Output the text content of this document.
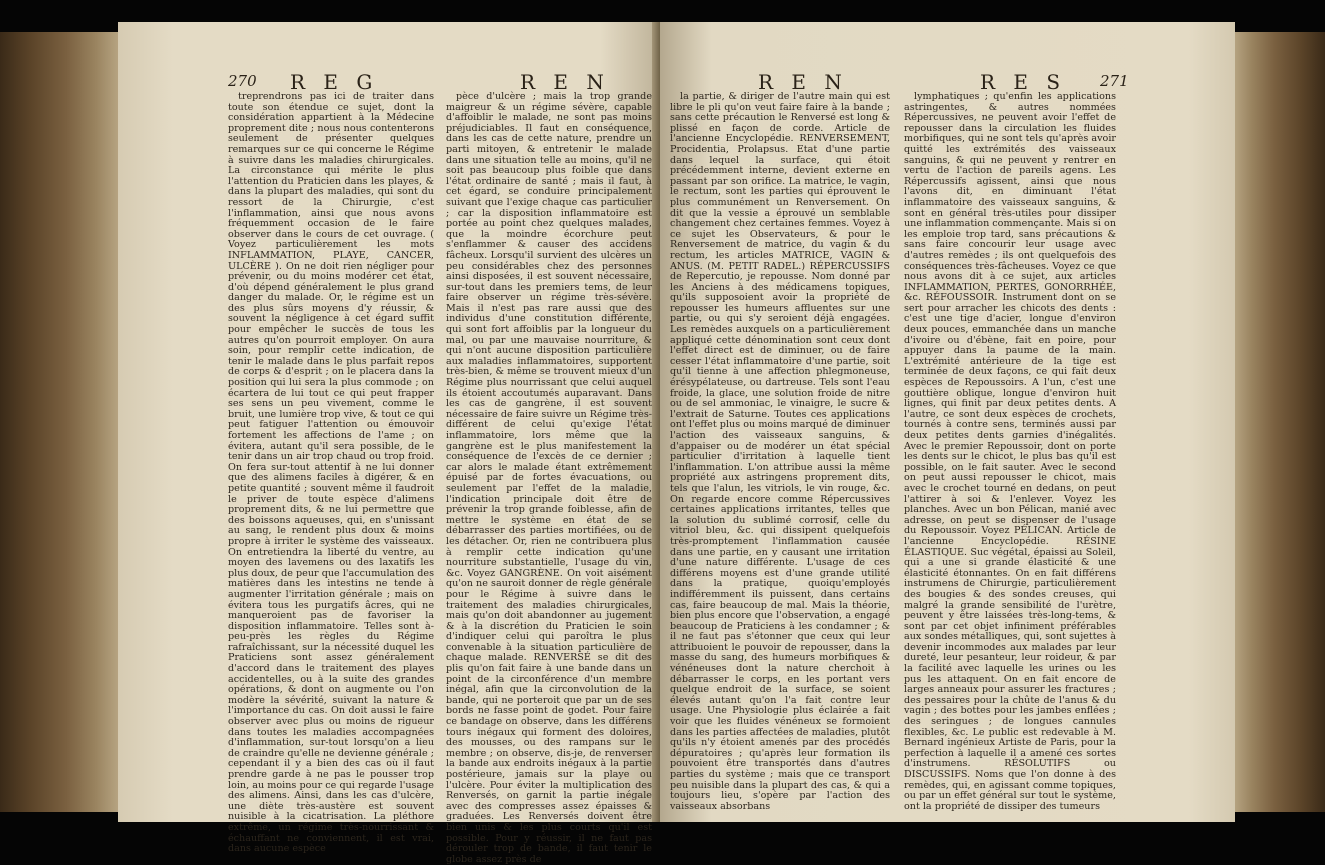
270 R E G	R E N

treprendrons pas ici de traiter dans toute son étendue ce sujet, dont la considération appartient à la Médecine proprement dite ; nous nous contenterons seulement de présenter quelques remarques sur ce qui concerne le Régime à suivre dans les maladies chirurgicales. La circonstance qui mérite le plus l'attention du Praticien dans les playes, & dans la plupart des maladies, qui sont du ressort de la Chirurgie, c'est l'inflammation, ainsi que nous avons fréquemment occasion de le faire observer dans le cours de cet ouvrage. ( Voyez particulièrement les mots INFLAMMATION, PLAYE, CANCER, ULCÈRE ). On ne doit rien négliger pour prévenir, ou du moins modérer cet état, d'où dépend généralement le plus grand danger du malade. Or, le régime est un des plus sûrs moyens d'y réussir, & souvent la négligence à cet égard suffit pour empêcher le succès de tous les autres qu'on pourroit employer. On aura soin, pour remplir cette indication, de tenir le malade dans le plus parfait repos de corps & d'esprit ; on le placera dans la position qui lui sera la plus commode ; on écartera de lui tout ce qui peut frapper ses sens un peu vivement, comme le bruit, une lumière trop vive, & tout ce qui peut fatiguer l'attention ou émouvoir fortement les affections de l'ame ; on évitera, autant qu'il sera possible, de le tenir dans un air trop chaud ou trop froid. On fera sur-tout attentif à ne lui donner que des alimens faciles à digérer, & en petite quantité ; souvent même il faudroit le priver de toute espèce d'alimens proprement dits, & ne lui permettre que des boissons aqueuses, qui, en s'unissant au sang, le rendent plus doux & moins propre à irriter le système des vaisseaux. On entretiendra la liberté du ventre, au moyen des lavemens ou des laxatifs les plus doux, de peur que l'accumulation des matières dans les intestins ne tende à augmenter l'irritation générale ; mais on évitera tous les purgatifs âcres, qui ne manqueroient pas de favoriser la disposition inflammatoire. Telles sont à-peu-près les règles du Régime rafraîchissant, sur la nécessité duquel les Praticiens sont assez généralement d'accord dans le traitement des playes accidentelles, ou à la suite des grandes opérations, & dont on augmente ou l'on modère la sévérité, suivant la nature & l'importance du cas. On doit aussi le faire observer avec plus ou moins de rigueur dans toutes les maladies accompagnées d'inflammation, sur-tout lorsqu'on a lieu de craindre qu'elle ne devienne générale ; cependant il y a bien des cas où il faut prendre garde à ne pas le pousser trop loin, au moins pour ce qui regarde l'usage des alimens. Ainsi, dans les cas d'ulcère, une diète très-austère est souvent nuisible à la cicatrisation. La pléthore extrême, un régime très-nourrissant & échauffant ne conviennent, il est vrai, dans aucune espèce

pèce d'ulcère ; mais la trop grande maigreur & un régime sévère, capable d'affoiblir le malade, ne sont pas moins préjudiciables. Il faut en conséquence, dans les cas de cette nature, prendre un parti mitoyen, & entretenir le malade dans une situation telle au moins, qu'il ne soit pas beaucoup plus foible que dans l'état ordinaire de santé ; mais il faut, à cet égard, se conduire principalement suivant que l'exige chaque cas particulier ; car la disposition inflammatoire est portée au point chez quelques malades, que la moindre écorchure peut s'enflammer & causer des accidens fâcheux. Lorsqu'il survient des ulcères un peu considérables chez des personnes ainsi disposées, il est souvent nécessaire, sur-tout dans les premiers tems, de leur faire observer un régime très-sévère. Mais il n'est pas rare aussi que des individus d'une constitution différente, qui sont fort affoiblis par la longueur du mal, ou par une mauvaise nourriture, & qui n'ont aucune disposition particulière aux maladies inflammatoires, supportent très-bien, & même se trouvent mieux d'un Régime plus nourrissant que celui auquel ils étoient accoutumés auparavant. Dans les cas de gangrène, il est souvent nécessaire de faire suivre un Régime très-différent de celui qu'exige l'état inflammatoire, lors même que la gangrène est le plus manifestement la conséquence de l'excès de ce dernier ; car alors le malade étant extrêmement épuisé par de fortes évacuations, ou seulement par l'effet de la maladie, l'indication principale doit être de prévenir la trop grande foiblesse, afin de mettre le système en état de se débarrasser des parties mortifiées, ou de les détacher. Or, rien ne contribuera plus à remplir cette indication qu'une nourriture substantielle, l'usage du vin, &c. Voyez GANGRÈNE. On voit aisément qu'on ne sauroit donner de règle générale pour le Régime à suivre dans le traitement des maladies chirurgicales, mais qu'on doit abandonner au jugement & à la discrétion du Praticien le soin d'indiquer celui qui paroîtra le plus convenable à la situation particulière de chaque malade. RENVERSÉ se dit des plis qu'on fait faire à une bande dans un point de la circonférence d'un membre inégal, afin que la circonvolution de la bande, qui ne porteroit que par un de ses bords ne fasse point de godet. Pour faire ce bandage on observe, dans les différens tours inégaux qui forment des doloires, des mousses, ou des rampans sur le membre ; on observe, dis-je, de renverser la bande aux endroits inégaux à la partie postérieure, jamais sur la playe ou l'ulcère. Pour éviter la multiplication des Renversés, on garnit la partie inégale avec des compresses assez épaisses & graduées. Les Renversés doivent être bien unis & les plus courts qu'il est possible. Pour y réussir, il ne faut pas dérouler trop de bande, il faut tenir le globe assez près de

R E N	R E S 271

la partie, & diriger de l'autre main qui est libre le pli qu'on veut faire faire à la bande ; sans cette précaution le Renversé est long & plissé en façon de corde. Article de l'ancienne Encyclopédie. RENVERSEMENT, Procidentia, Prolapsus. Etat d'une partie dans lequel la surface, qui étoit précédemment interne, devient externe en passant par son orifice. La matrice, le vagin, le rectum, sont les parties qui éprouvent le plus communément un Renversement. On dit que la vessie a éprouvé un semblable changement chez certaines femmes. Voyez à ce sujet les Observateurs, & pour le Renversement de matrice, du vagin & du rectum, les articles MATRICE, VAGIN & ANUS. (M. PETIT RADEL.) RÉPERCUSSIFS de Repercutio, je repousse. Nom donné par les Anciens à des médicamens topiques, qu'ils supposoient avoir la propriété de repousser les humeurs affluentes sur une partie, ou qui s'y seroient déjà engagées. Les remèdes auxquels on a particulièrement appliqué cette dénomination sont ceux dont l'effet direct est de diminuer, ou de faire cesser l'état inflammatoire d'une partie, soit qu'il tienne à une affection phlegmoneuse, érésypélateuse, ou dartreuse. Tels sont l'eau froide, la glace, une solution froide de nitre ou de sel ammoniac, le vinaigre, le sucre & l'extrait de Saturne. Toutes ces applications ont l'effet plus ou moins marqué de diminuer l'action des vaisseaux sanguins, & d'appaiser ou de modérer un état spécial particulier d'irritation à laquelle tient l'inflammation. L'on attribue aussi la même propriété aux astringens proprement dits, tels que l'alun, les vitriols, le vin rouge, &c. On regarde encore comme Répercussives certaines applications irritantes, telles que la solution du sublimé corrosif, celle du vitriol bleu, &c. qui dissipent quelquefois très-promptement l'inflammation causée dans une partie, en y causant une irritation d'une nature différente. L'usage de ces différens moyens est d'une grande utilité dans la pratique, quoiqu'employés indifféremment ils puissent, dans certains cas, faire beaucoup de mal. Mais la théorie, bien plus encore que l'observation, a engagé beaucoup de Praticiens à les condamner ; & il ne faut pas s'étonner que ceux qui leur attribuoient le pouvoir de repousser, dans la masse du sang, des humeurs morbifiques & vénéneuses dont la nature cherchoit à débarrasser le corps, en les portant vers quelque endroit de la surface, se soient élevés autant qu'on l'a fait contre leur usage. Une Physiologie plus éclairée a fait voir que les fluides vénéneux se formoient dans les parties affectées de maladies, plutôt qu'ils n'y étoient amenés par des procédés dépuratoires ; qu'après leur formation ils pouvoient être transportés dans d'autres parties du système ; mais que ce transport peu nuisible dans la plupart des cas, & qui a toujours lieu, s'opère par l'action des vaisseaux absorbans

lymphatiques ; qu'enfin les applications astringentes, & autres nommées Répercussives, ne peuvent avoir l'effet de repousser dans la circulation les fluides morbifiques, qui ne sont tels qu'après avoir quitté les extrémités des vaisseaux sanguins, & qui ne peuvent y rentrer en vertu de l'action de pareils agens. Les Répercussifs agissent, ainsi que nous l'avons dit, en diminuant l'état inflammatoire des vaisseaux sanguins, & sont en général très-utiles pour dissiper une inflammation commençante. Mais si on les emploie trop tard, sans précautions & sans faire concourir leur usage avec d'autres remèdes ; ils ont quelquefois des conséquences très-fâcheuses. Voyez ce que nous avons dit à ce sujet, aux articles INFLAMMATION, PERTES, GONORRHÉE, &c. RÉFOUSSOIR. Instrument dont on se sert pour arracher les chicots des dents : c'est une tige d'acier, longue d'environ deux pouces, emmanchée dans un manche d'ivoire ou d'ébène, fait en poire, pour appuyer dans la paume de la main. L'extrémité antérieure de la tige est terminée de deux façons, ce qui fait deux espèces de Repoussoirs. A l'un, c'est une gouttière oblique, longue d'environ huit lignes, qui finit par deux petites dents. A l'autre, ce sont deux espèces de crochets, tournés à contre sens, terminés aussi par deux petites dents garnies d'inégalités. Avec le premier Repoussoir, dont on porte les dents sur le chicot, le plus bas qu'il est possible, on le fait sauter. Avec le second on peut aussi repousser le chicot, mais avec le crochet tourné en dedans, on peut l'attirer à soi & l'enlever. Voyez les planches. Avec un bon Pélican, manié avec adresse, on peut se dispenser de l'usage du Repoussoir. Voyez PÉLICAN. Article de l'ancienne Encyclopédie. RÉSINE ÉLASTIQUE. Suc végétal, épaissi au Soleil, qui a une si grande élasticité & une élasticité étonnantes. On en fait différens instrumens de Chirurgie, particulièrement des bougies & des sondes creuses, qui malgré la grande sensibilité de l'urètre, peuvent y être laissées très-long-tems, & sont par cet objet infiniment préférables aux sondes métalliques, qui, sont sujettes à devenir incommodes aux malades par leur dureté, leur pesanteur, leur roideur, & par la facilité avec laquelle les urines ou les pus les attaquent. On en fait encore de larges anneaux pour assurer les fractures ; des pessaires pour la chûte de l'anus & du vagin ; des bottes pour les jambes enflées ; des seringues ; de longues cannules flexibles, &c. Le public est redevable à M. Bernard ingénieux Artiste de Paris, pour la perfection à laquelle il a amené ces sortes d'instrumens. RÉSOLUTIFS ou DISCUSSIFS. Noms que l'on donne à des remèdes, qui, en agissant comme topiques, ou par un effet général sur tout le système, ont la propriété de dissiper des tumeurs
